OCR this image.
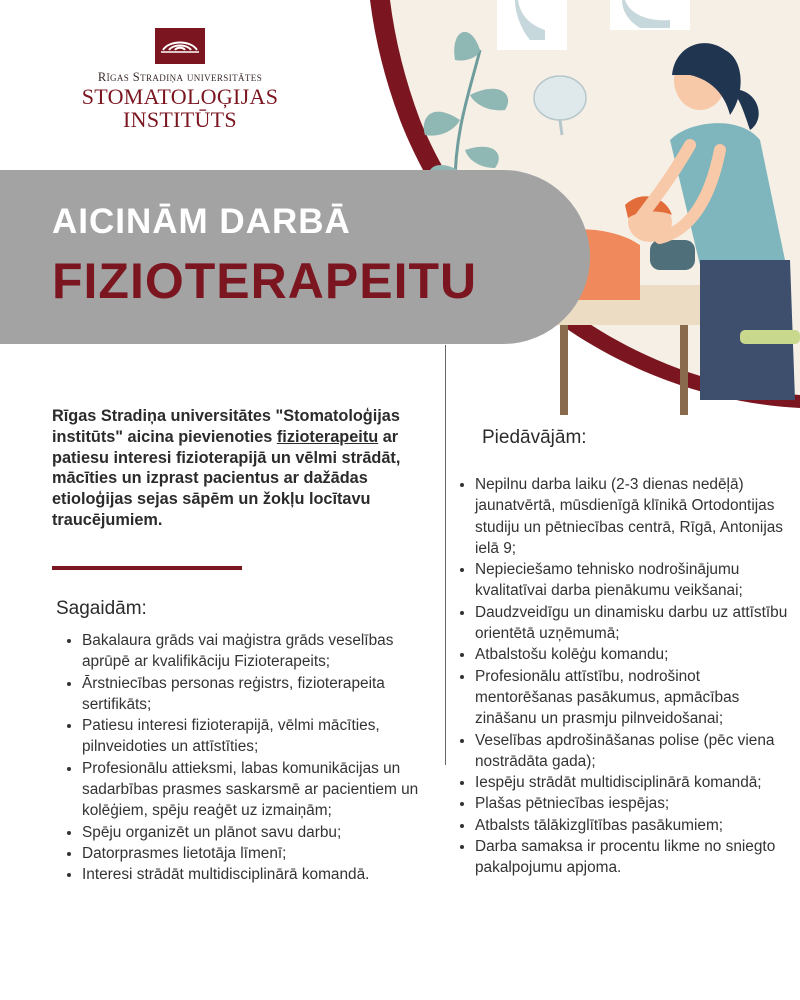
Rīgas Stradiņa universitātes
STOMATOLOĢIJAS
INSTITŪTS
AICINĀM DARBĀ
FIZIOTERAPEITU
Rīgas Stradiņa universitātes "Stomatoloģijas institūts" aicina pievienoties fizioterapeitu ar patiesu interesi fizioterapijā un vēlmi strādāt, mācīties un izprast pacientus ar dažādas etioloģijas sejas sāpēm un žokļu locītavu traucējumiem.
Sagaidām:
• Bakalaura grāds vai maģistra grāds veselības aprūpē ar kvalifikāciju Fizioterapeits;
• Ārstniecības personas reģistrs, fizioterapeita sertifikāts;
• Patiesu interesi fizioterapijā, vēlmi mācīties, pilnveidoties un attīstīties;
• Profesionālu attieksmi, labas komunikācijas un sadarbības prasmes saskarsmē ar pacientiem un kolēģiem, spēju reaģēt uz izmaiņām;
• Spēju organizēt un plānot savu darbu;
• Datorprasmes lietotāja līmenī;
• Interesi strādāt multidisciplinārā komandā.
Piedāvājām:
• Nepilnu darba laiku (2-3 dienas nedēļā) jaunatvērtā, mūsdienīgā klīnikā Ortodontijas studiju un pētniecības centrā, Rīgā, Antonijas ielā 9;
• Nepieciešamo tehnisko nodrošinājumu kvalitatīvai darba pienākumu veikšanai;
• Daudzveidīgu un dinamisku darbu uz attīstību orientētā uzņēmumā;
• Atbalstošu kolēģu komandu;
• Profesionālu attīstību, nodrošinot mentorēšanas pasākumus, apmācības zināšanu un prasmju pilnveidošanai;
• Veselības apdrošināšanas polise (pēc viena nostrādāta gada);
• Iespēju strādāt multidisciplinārā komandā;
• Plašas pētniecības iespējas;
• Atbalsts tālākizglītības pasākumiem;
• Darba samaksa ir procentu likme no sniegto pakalpojumu apjoma.
